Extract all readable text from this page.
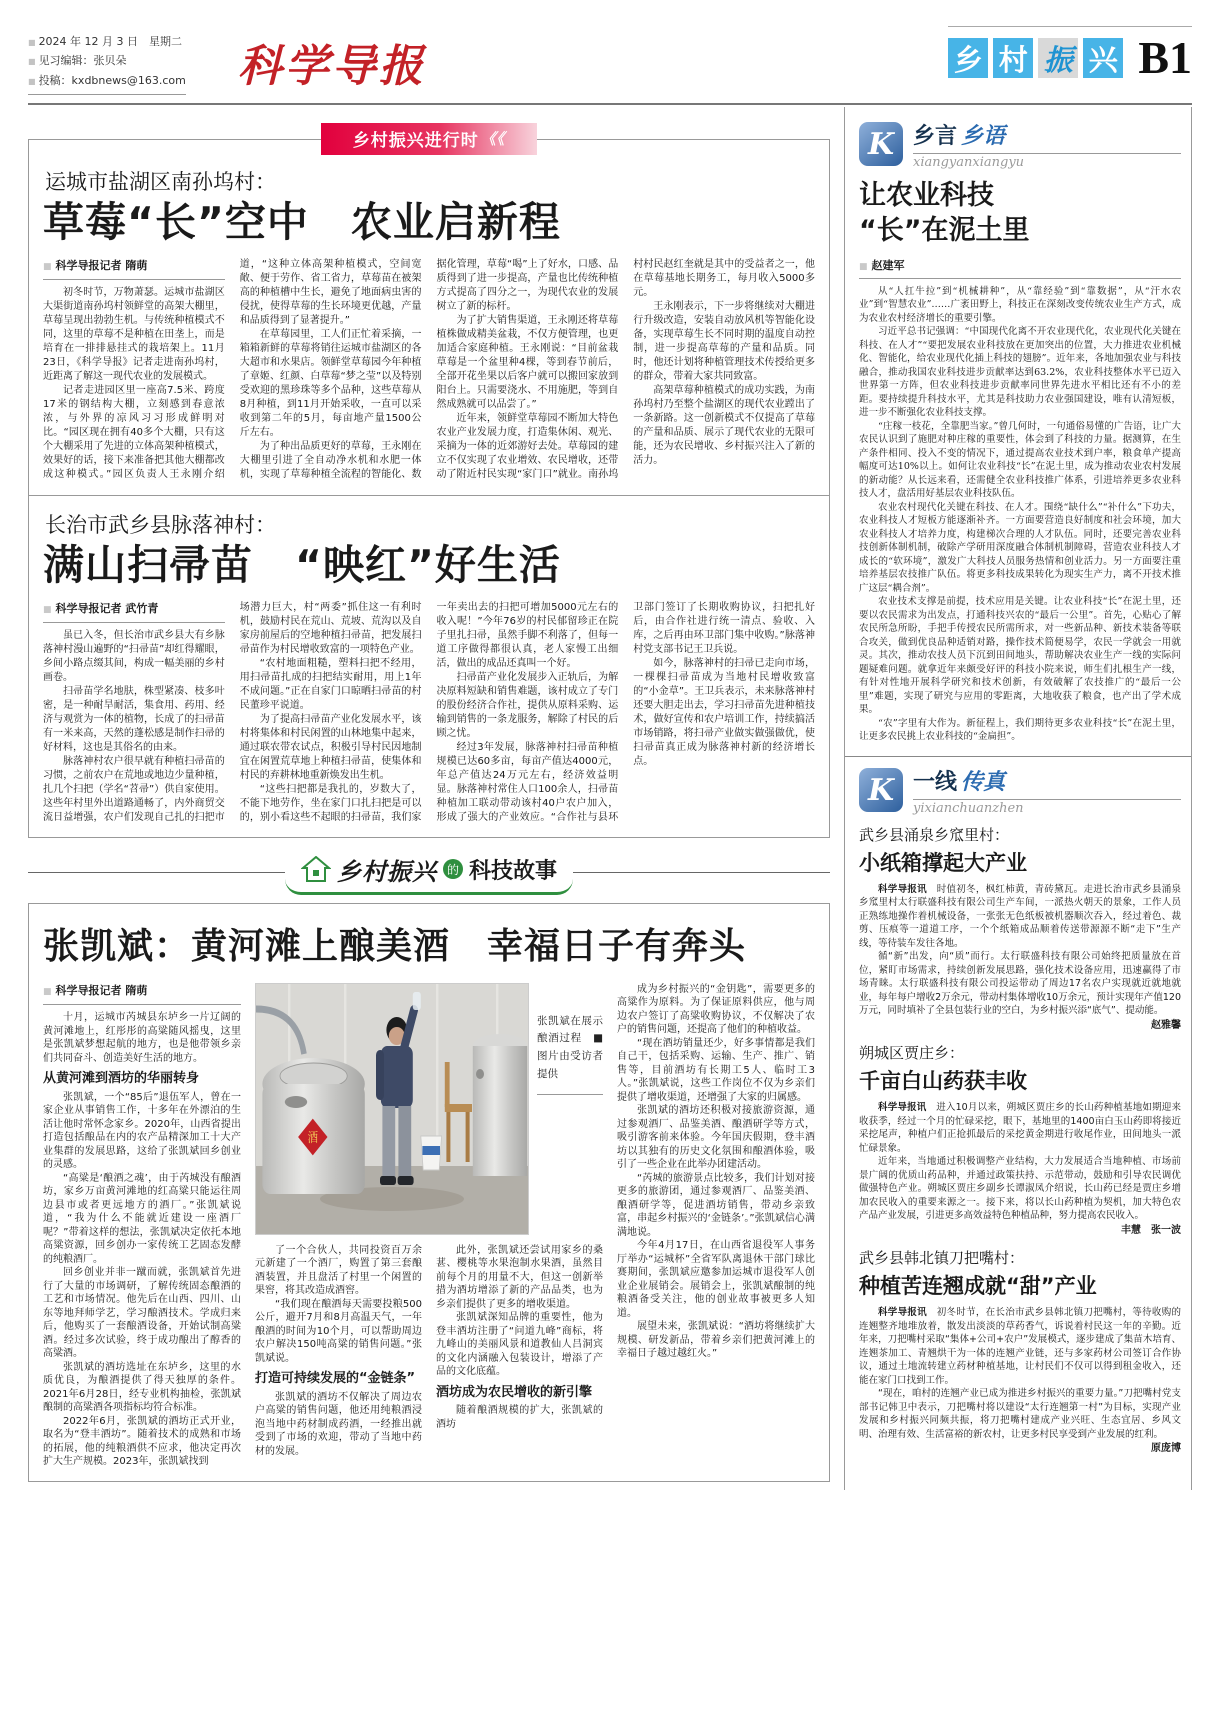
■ 2024 年 12 月 3 日　星期二
■ 见习编辑：张贝朵
■ 投稿：kxdbnews@163.com 科学导报	乡 村 振 兴 B1
乡村振兴进行时 《《
运城市盐湖区南孙坞村：
草莓“长”空中　农业启新程
■ 科学导报记者 隋萌

初冬时节，万物萧瑟。运城市盐湖区大渠街道南孙坞村领鲜堂的高架大棚里，草莓呈现出勃勃生机。与传统种植模式不同，这里的草莓不是种植在田垄上，而是培育在一排排悬挂式的栽培架上。11月23日，《科学导报》记者走进南孙坞村，近距离了解这一现代农业的发展模式。

记者走进园区里一座高7.5米、跨度17米的钢结构大棚，立刻感到春意浓浓，与外界的凉风习习形成鲜明对比。“园区现在拥有40多个大棚，只有这个大棚采用了先进的立体高架种植模式，效果好的话，接下来准备把其他大棚都改成这种模式。”园区负责人王永刚介绍道，“这种立体高架种植模式，空间宽敞、便于劳作、省工省力，草莓苗在被架高的种植槽中生长，避免了地面病虫害的侵扰，使得草莓的生长环境更优越，产量和品质得到了显著提升。”

在草莓园里，工人们正忙着采摘，一箱箱新鲜的草莓将销往运城市盐湖区的各大超市和水果店。领鲜堂草莓园今年种植了章姬、红颜、白草莓“梦之莹”以及特别受欢迎的黑珍珠等多个品种，这些草莓从8月种植，到11月开始采收，一直可以采收到第二年的5月，每亩地产量1500公斤左右。

为了种出品质更好的草莓，王永刚在大棚里引进了全自动净水机和水肥一体机，实现了草莓种植全流程的智能化、数据化管理，草莓“喝”上了好水，口感、品质得到了进一步提高，产量也比传统种植方式提高了四分之一，为现代农业的发展树立了新的标杆。

为了扩大销售渠道，王永刚还将草莓植株做成精美盆栽，不仅方便管理，也更加适合家庭种植。王永刚说：“目前盆栽草莓是一个盆里种4棵，等到春节前后，全部开花坐果以后客户就可以搬回家放到阳台上。只需要浇水、不用施肥，等到自然成熟就可以品尝了。”

近年来，领鲜堂草莓园不断加大特色农业产业发展力度，打造集休闲、观光、采摘为一体的近郊游好去处。草莓园的建立不仅实现了农业增效、农民增收，还带动了附近村民实现“家门口”就业。南孙坞村村民赵红奎就是其中的受益者之一，他在草莓基地长期务工，每月收入5000多元。

王永刚表示，下一步将继续对大棚进行升级改造，安装自动放风机等智能化设备，实现草莓生长不同时期的温度自动控制，进一步提高草莓的产量和品质。同时，他还计划将种植管理技术传授给更多的群众，带着大家共同致富。

高架草莓种植模式的成功实践，为南孙坞村乃至整个盐湖区的现代农业蹚出了一条新路。这一创新模式不仅提高了草莓的产量和品质、展示了现代农业的无限可能，还为农民增收、乡村振兴注入了新的活力。

长治市武乡县脉落神村：
满山扫帚苗　“映红”好生活
■ 科学导报记者 武竹青

虽已入冬，但长治市武乡县大有乡脉落神村漫山遍野的“扫帚苗”却红得耀眼，乡间小路点缀其间，构成一幅美丽的乡村画卷。

扫帚苗学名地肤，株型紧凑、枝多叶密，是一种耐旱耐活，集食用、药用、经济与观赏为一体的植物，长成了的扫帚苗有一米来高，天然的蓬松感是制作扫帚的好材料，这也是其俗名的由来。

脉落神村农户很早就有种植扫帚苗的习惯，之前农户在荒地或地边少量种植，扎几个扫把（学名“苕帚”）供自家使用。这些年村里外出道路通畅了，内外商贸交流日益增强，农户们发现自己扎的扫把市场潜力巨大，村“两委”抓住这一有利时机，鼓励村民在荒山、荒坡、荒沟以及自家房前屋后的空地种植扫帚苗，把发展扫帚苗作为村民增收致富的一项特色产业。

“农村地面粗糙，塑料扫把不经用，用扫帚苗扎成的扫把结实耐用，用上1年不成问题。”正在自家门口晾晒扫帚苗的村民董珍平说道。

为了提高扫帚苗产业化发展水平，该村将集体和村民闲置的山林地集中起来，通过联农带农试点，积极引导村民因地制宜在闲置荒草地上种植扫帚苗，使集体和村民的弃耕林地重新焕发出生机。

“这些扫把都是我扎的，岁数大了，不能下地劳作，坐在家门口扎扫把是可以的，别小看这些不起眼的扫帚苗，我们家一年卖出去的扫把可增加5000元左右的收入呢！”今年76岁的村民郁留珍正在院子里扎扫帚，虽然手脚不利落了，但每一道工序做得都很认真，老人家慢工出细活，做出的成品还真叫一个好。

扫帚苗产业化发展步入正轨后，为解决原料短缺和销售难题，该村成立了专门的股份经济合作社，提供从原料采购、运输到销售的一条龙服务，解除了村民的后顾之忧。

经过3年发展，脉落神村扫帚苗种植规模已达60多亩，每亩产值达4000元，年总产值达24万元左右，经济效益明显。脉落神村常住人口100余人，扫帚苗种植加工联动带动该村40户农户加入，形成了强大的产业效应。“合作社与县环卫部门签订了长期收购协议，扫把扎好后，由合作社进行统一清点、验收、入库，之后再由环卫部门集中收购。”脉落神村党支部书记王卫兵说。

如今，脉落神村的扫帚已走向市场，一棵棵扫帚苗成为当地村民增收致富的“小金草”。王卫兵表示，未来脉落神村还要大胆走出去，学习扫帚苗先进种植技术，做好宣传和农户培训工作，持续搞活市场销路，将扫帚产业做实做强做优，使扫帚苗真正成为脉落神村新的经济增长点。

乡村振兴 的 科技故事
张凯斌：黄河滩上酿美酒　幸福日子有奔头
■ 科学导报记者 隋萌

十月，运城市芮城县东垆乡一片辽阔的黄河滩地上，红彤彤的高粱随风摇曳，这里是张凯斌梦想起航的地方，也是他带领乡亲们共同奋斗、创造美好生活的地方。

从黄河滩到酒坊的华丽转身

张凯斌，一个“85后”退伍军人，曾在一家企业从事销售工作，十多年在外漂泊的生活让他时常怀念家乡。2020年，山西省提出打造包括酿品在内的农产品精深加工十大产业集群的发展思路，这给了张凯斌回乡创业的灵感。

“高粱是‘酿酒之魂’，由于芮城没有酿酒坊，家乡万亩黄河滩地的红高粱只能运往周边县市或者更远地方的酒厂。”张凯斌说道，“我为什么不能就近建设一座酒厂呢？”带着这样的想法，张凯斌决定依托本地高粱资源，回乡创办一家传统工艺固态发酵的纯粮酒厂。

回乡创业并非一蹴而就，张凯斌首先进行了大量的市场调研，了解传统固态酿酒的工艺和市场情况。他先后在山西、四川、山东等地拜师学艺，学习酿酒技术。学成归来后，他购买了一套酿酒设备，开始试制高粱酒。经过多次试验，终于成功酿出了醇香的高粱酒。

张凯斌的酒坊选址在东垆乡，这里的水质优良，为酿酒提供了得天独厚的条件。2021年6月28日，经专业机构抽检，张凯斌酿制的高粱酒各项指标均符合标准。

2022年6月，张凯斌的酒坊正式开业，取名为“登丰酒坊”。随着技术的成熟和市场的拓展，他的纯粮酒供不应求，他决定再次扩大生产规模。2023年，张凯斌找到

酒
张凯斌在展示酿酒过程　■图片由受访者提供

了一个合伙人，共同投资百万余元新建了一个酒厂，购置了第三套酿酒装置，并且盘活了村里一个闲置的果窖，将其改造成酒窖。

“我们现在酿酒每天需要投粮500公斤，避开7月和8月高温天气，一年酿酒的时间为10个月，可以帮助周边农户解决150吨高粱的销售问题。”张凯斌说。

打造可持续发展的“金链条”

张凯斌的酒坊不仅解决了周边农户高粱的销售问题，他还用纯粮酒浸泡当地中药材制成药酒，一经推出就受到了市场的欢迎，带动了当地中药材的发展。

此外，张凯斌还尝试用家乡的桑葚、樱桃等水果泡制水果酒，虽然目前每个月的用量不大，但这一创新举措为酒坊增添了新的产品品类，也为乡亲们提供了更多的增收渠道。

张凯斌深知品牌的重要性，他为登丰酒坊注册了“问道九峰”商标，将九峰山的美丽风景和道教仙人吕洞宾的文化内涵融入包装设计，增添了产品的文化底蕴。

酒坊成为农民增收的新引擎

随着酿酒规模的扩大，张凯斌的酒坊

成为乡村振兴的“金钥匙”，需要更多的高粱作为原料。为了保证原料供应，他与周边农户签订了高粱收购协议，不仅解决了农户的销售问题，还提高了他们的种植收益。

“现在酒坊销量还少，好多事情都是我们自己干，包括采购、运输、生产、推广、销售等，目前酒坊有长期工5人、临时工3人。”张凯斌说，这些工作岗位不仅为乡亲们提供了增收渠道，还增强了大家的归属感。

张凯斌的酒坊还积极对接旅游资源，通过参观酒厂、品鉴美酒、酿酒研学等方式，吸引游客前来体验。今年国庆假期，登丰酒坊以其独有的历史文化氛围和酿酒体验，吸引了一些企业在此举办团建活动。

“芮城的旅游景点比较多，我们计划对接更多的旅游团，通过参观酒厂、品鉴美酒、酿酒研学等，促进酒坊销售，带动乡亲致富，串起乡村振兴的‘金链条’。”张凯斌信心满满地说。

今年4月17日，在山西省退役军人事务厅举办“运城杯”全省军队离退休干部门球比赛期间，张凯斌应邀参加运城市退役军人创业企业展销会。展销会上，张凯斌酿制的纯粮酒备受关注，他的创业故事被更多人知道。

展望未来，张凯斌说：“酒坊将继续扩大规模、研发新品，带着乡亲们把黄河滩上的幸福日子越过越红火。”

K 乡言 乡语
xiangyanxiangyu
让农业科技
“长”在泥土里
■ 赵建军

从“人扛牛拉”到“机械耕种”，从“靠经验”到“靠数据”，从“汗水农业”到“智慧农业”……广袤田野上，科技正在深刻改变传统农业生产方式，成为农业农村经济增长的重要引擎。

习近平总书记强调：“中国现代化离不开农业现代化，农业现代化关键在科技、在人才”“要把发展农业科技放在更加突出的位置，大力推进农业机械化、智能化，给农业现代化插上科技的翅膀”。近年来，各地加强农业与科技融合，推动我国农业科技进步贡献率达到63.2%，农业科技整体水平已迈入世界第一方阵，但农业科技进步贡献率同世界先进水平相比还有不小的差距。要持续提升科技水平，尤其是科技助力农业强国建设，唯有认清短板，进一步不断强化农业科技支撑。

“庄稼一枝花，全靠肥当家。”曾几何时，一句通俗易懂的广告语，让广大农民认识到了施肥对种庄稼的重要性，体会到了科技的力量。据测算，在生产条件相同、投入不变的情况下，通过提高农业技术到户率，粮食单产提高幅度可达10%以上。如何让农业科技“长”在泥土里，成为推动农业农村发展的新动能？从长远来看，还需健全农业科技推广体系，引进培养更多农业科技人才，盘活用好基层农业科技队伍。

农业农村现代化关键在科技、在人才。围绕“缺什么”“补什么”下功夫，农业科技人才短板方能逐渐补齐。一方面要营造良好制度和社会环境，加大农业科技人才培养力度，构建梯次合理的人才队伍。同时，还要完善农业科技创新体制机制，破除产学研用深度融合体制机制障碍，营造农业科技人才成长的“软环境”，激发广大科技人员服务热情和创业活力。另一方面要注重培养基层农技推广队伍。将更多科技成果转化为现实生产力，离不开技术推广这层“耦合剂”。

农业技术支撑是前提，技术应用是关键。让农业科技“长”在泥土里，还要以农民需求为出发点，打通科技兴农的“最后一公里”。首先，心贴心了解农民所急所盼，手把手传授农民所需所求，对一些新品种、新技术装备等联合攻关，做到优良品种适销对路，操作技术简便易学，农民一学就会一用就灵。其次，推动农技人员下沉到田间地头，帮助解决农业生产一线的实际问题疑难问题。就拿近年来颇受好评的科技小院来说，师生们扎根生产一线，有针对性地开展科学研究和技术创新，有效破解了农技推广的“最后一公里”难题，实现了研究与应用的零距离，大地收获了粮食，也产出了学术成果。

“农”字里有大作为。新征程上，我们期待更多农业科技“长”在泥土里，让更多农民挑上农业科技的“金扁担”。

K 一线 传真
yixianchuanzhen
武乡县涌泉乡窊里村：
小纸箱撑起大产业

科学导报讯　 时值初冬，枫红柿黄，青砖黛瓦。走进长治市武乡县涌泉乡窊里村太行联盛科技有限公司生产车间，一派热火朝天的景象，工作人员正熟练地操作着机械设备，一张张无色纸板被机器顺次吞入，经过着色、裁剪、压痕等一道道工序，一个个纸箱成品顺着传送带源源不断“走下”生产线，等待装车发往各地。

循“新”出发，向“质”而行。太行联盛科技有限公司始终把质量放在首位，紧盯市场需求，持续创新发展思路，强化技术设备应用，迅速赢得了市场青睐。太行联盛科技有限公司投运带动了周边17名农户实现就近就地就业，每年每户增收2万余元，带动村集体增收10万余元，预计实现年产值120万元，同时填补了全县包装行业的空白，为乡村振兴添“底气”、提动能。

赵雅馨
朔城区贾庄乡：
千亩白山药获丰收

科学导报讯　 进入10月以来，朔城区贾庄乡的长山药种植基地如期迎来收获季，经过一个月的忙碌采挖，眼下，基地里的1400亩白玉山药即将接近采挖尾声，种植户们正抢抓最后的采挖黄金期进行收尾作业，田间地头一派忙碌景象。

近年来，当地通过积极调整产业结构，大力发展适合当地种植、市场前景广阔的优质山药品种，并通过政策扶持、示范带动，鼓励和引导农民调优做强特色产业。朔城区贾庄乡副乡长谭淑凤介绍说，长山药已经是贾庄乡增加农民收入的重要来源之一。接下来，将以长山药种植为契机，加大特色农产品产业发展，引进更多高效益特色种植品种，努力提高农民收入。

丰慧　张一波
武乡县韩北镇刀把嘴村：
种植苦连翘成就“甜”产业

科学导报讯　 初冬时节，在长治市武乡县韩北镇刀把嘴村，等待收购的连翘整齐地堆放着，散发出淡淡的草药香气，诉说着村民这一年的辛勤。近年来，刀把嘴村采取“集体+公司+农户”发展模式，逐步建成了集苗木培育、连翘茶加工、青翘烘干为一体的连翘产业链，还与多家药材公司签订合作协议，通过土地流转建立药材种植基地，让村民们不仅可以得到租金收入，还能在家门口找到工作。

“现在，咱村的连翘产业已成为推进乡村振兴的重要力量。”刀把嘴村党支部书记韩卫中表示，刀把嘴村将以建设“太行连翘第一村”为目标，实现产业发展和乡村振兴同频共振，将刀把嘴村建成产业兴旺、生态宜居、乡风文明、治理有效、生活富裕的新农村，让更多村民享受到产业发展的红利。

原庞博
